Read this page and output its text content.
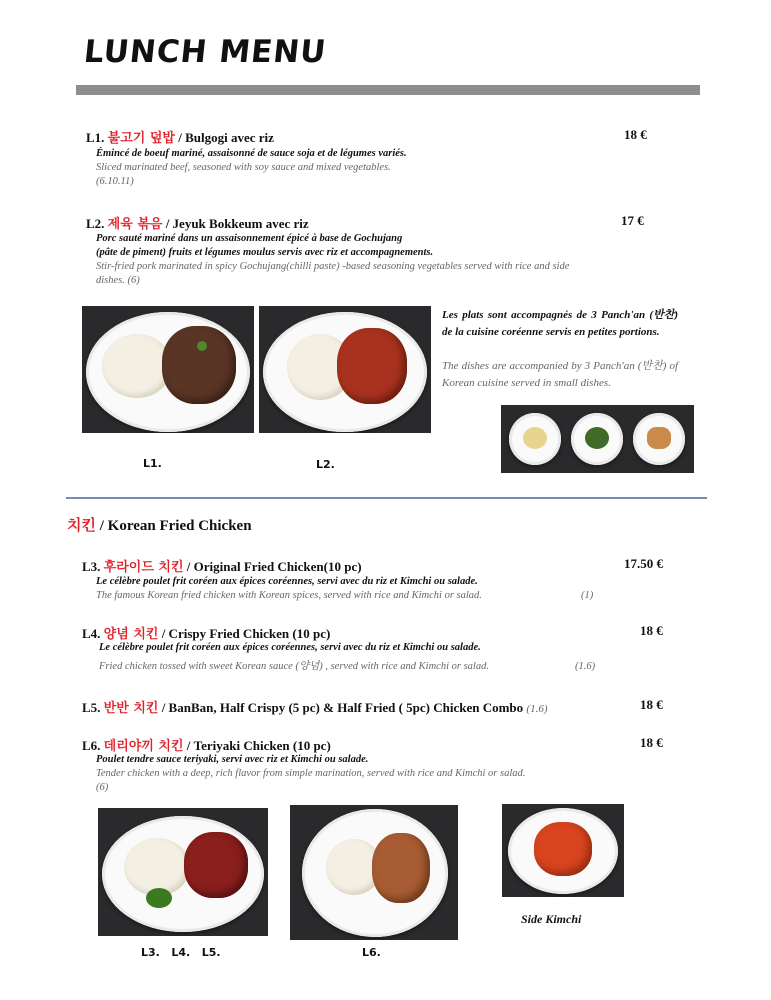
LUNCH MENU
L1. 불고기 덮밥 / Bulgogi avec riz	18 €
Émincé de boeuf mariné, assaisonné de sauce soja et de légumes variés.
Sliced marinated beef, seasoned with soy sauce and mixed vegetables.
(6.10.11)
L2. 제육 볶음 / Jeyuk Bokkeum avec riz	17 €
Porc sauté mariné dans un assaisonnement épicé à base de Gochujang
(pâte de piment) fruits et légumes moulus servis avec riz et accompagnements.
Stir-fried pork marinated in spicy Gochujang(chilli paste) -based seasoning vegetables served with rice and side
dishes. (6)
L1.	L2.
Les plats sont accompagnés de 3 Panch'an (반찬) de la cuisine coréenne servis en petites portions.
The dishes are accompanied by 3 Panch'an (반찬) of Korean cuisine served in small dishes.
치킨 / Korean Fried Chicken
L3. 후라이드 치킨 / Original Fried Chicken(10 pc)	17.50 €
Le célèbre poulet frit coréen aux épices coréennes, servi avec du riz et Kimchi ou salade.
The famous Korean fried chicken with Korean spices, served with rice and Kimchi or salad.	(1)
L4. 양념 치킨 / Crispy Fried Chicken (10 pc)	18 €
Le célèbre poulet frit coréen aux épices coréennes, servi avec du riz et Kimchi ou salade.
Fried chicken tossed with sweet Korean sauce (양념) , served with rice and Kimchi or salad.	(1.6)
L5. 반반 치킨 / BanBan, Half Crispy (5 pc) & Half Fried ( 5pc) Chicken Combo (1.6)	18 €
L6. 데리야끼 치킨 / Teriyaki Chicken (10 pc)	18 €
Poulet tendre sauce teriyaki, servi avec riz et Kimchi ou salade.
Tender chicken with a deep, rich flavor from simple marination, served with rice and Kimchi or salad.
(6)
L3. L4. L5.	L6.
Side Kimchi
